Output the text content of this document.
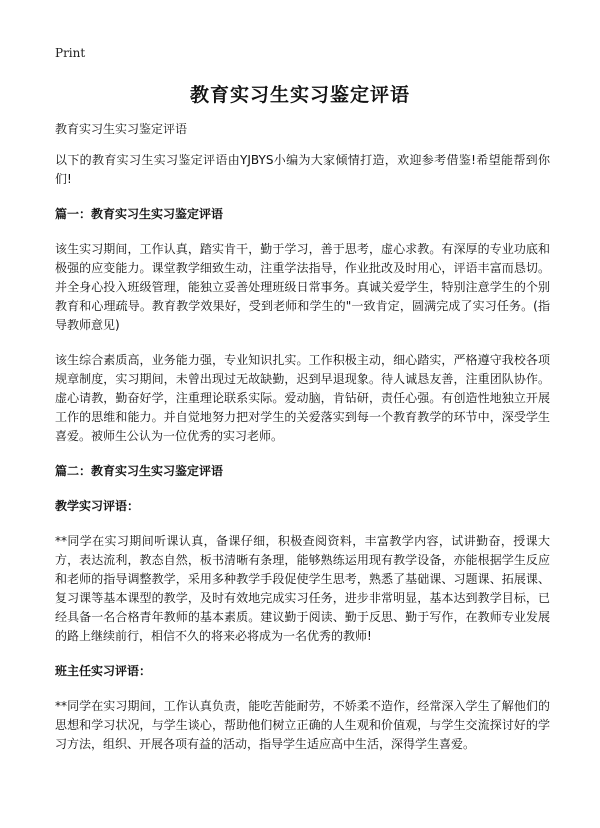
Print
教育实习生实习鉴定评语

教育实习生实习鉴定评语

以下的教育实习生实习鉴定评语由YJBYS小编为大家倾情打造，欢迎参考借鉴!希望能帮到你们!

篇一：教育实习生实习鉴定评语

该生实习期间，工作认真，踏实肯干，勤于学习，善于思考，虚心求教。有深厚的专业功底和极强的应变能力。课堂教学细致生动，注重学法指导，作业批改及时用心，评语丰富而恳切。并全身心投入班级管理，能独立妥善处理班级日常事务。真诚关爱学生，特别注意学生的个别教育和心理疏导。教育教学效果好，受到老师和学生的"一致肯定，圆满完成了实习任务。(指导教师意见)

该生综合素质高，业务能力强，专业知识扎实。工作积极主动，细心踏实，严格遵守我校各项规章制度，实习期间，未曾出现过无故缺勤，迟到早退现象。待人诚恳友善，注重团队协作。虚心请教，勤奋好学，注重理论联系实际。爱动脑，肯钻研，责任心强。有创造性地独立开展工作的思维和能力。并自觉地努力把对学生的关爱落实到每一个教育教学的环节中，深受学生喜爱。被师生公认为一位优秀的实习老师。

篇二：教育实习生实习鉴定评语
教学实习评语：

**同学在实习期间听课认真，备课仔细，积极查阅资料，丰富教学内容，试讲勤奋，授课大方，表达流利，教态自然，板书清晰有条理，能够熟练运用现有教学设备，亦能根据学生反应和老师的指导调整教学，采用多种教学手段促使学生思考，熟悉了基础课、习题课、拓展课、复习课等基本课型的教学，及时有效地完成实习任务，进步非常明显，基本达到教学目标，已经具备一名合格青年教师的基本素质。建议勤于阅读、勤于反思、勤于写作，在教师专业发展的路上继续前行，相信不久的将来必将成为一名优秀的教师!

班主任实习评语：

**同学在实习期间，工作认真负责，能吃苦能耐劳，不娇柔不造作，经常深入学生了解他们的思想和学习状况，与学生谈心，帮助他们树立正确的人生观和价值观，与学生交流探讨好的学习方法，组织、开展各项有益的活动，指导学生适应高中生活，深得学生喜爱。
